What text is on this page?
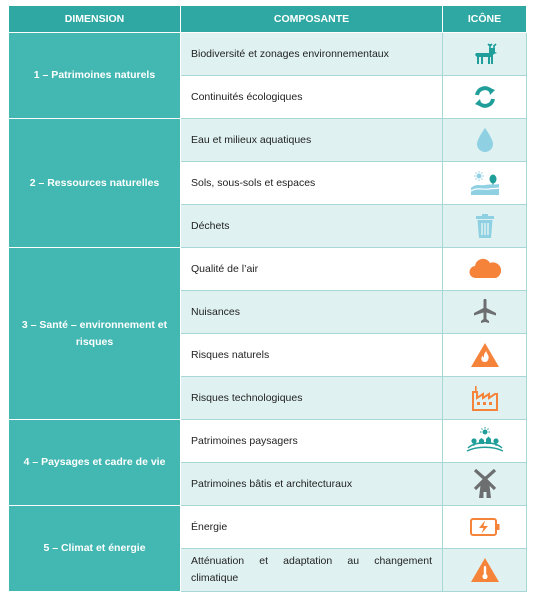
DIMENSION	COMPOSANTE	ICÔNE
1 – Patrimoines naturels	Biodiversité et zonages environnementaux	

	Continuités écologiques	

2 – Ressources naturelles	Eau et milieux aquatiques	

	Sols, sous-sols et espaces	

	Déchets	

3 – Santé – environnement et risques	Qualité de l’air	

	Nuisances	

	Risques naturels	

	Risques technologiques	

4 – Paysages et cadre de vie	Patrimoines paysagers	

	Patrimoines bâtis et architecturaux	

5 – Climat et énergie	Énergie	

	Atténuation et adaptation au changement climatique	
